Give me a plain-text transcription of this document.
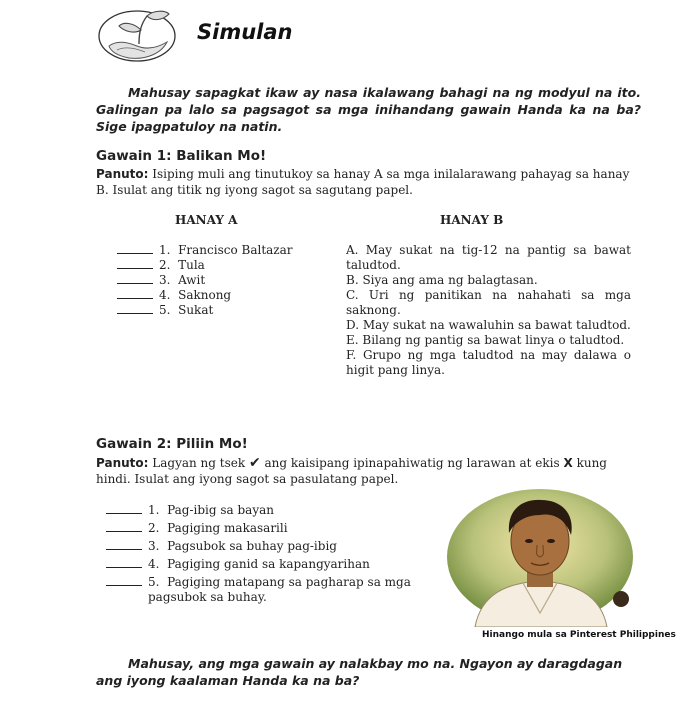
Simulan
Mahusay sapagkat ikaw ay nasa ikalawang bahagi na ng modyul na ito. Galingan pa lalo sa pagsagot sa mga inihandang gawain Handa ka na ba? Sige ipagpatuloy na natin.
Gawain 1: Balikan Mo!
Panuto: Isiping muli ang tinutukoy sa hanay A sa mga inilalarawang pahayag sa hanay B. Isulat ang titik ng iyong sagot sa sagutang papel.
HANAY A	HANAY B
1. Francisco Baltazar
2. Tula
3. Awit
4. Saknong
5. Sukat
A. May sukat na tig-12 na pantig sa bawat taludtod.
B. Siya ang ama ng balagtasan.
C. Uri ng panitikan na nahahati sa mga saknong.
D. May sukat na wawaluhin sa bawat taludtod.
E. Bilang ng pantig sa bawat linya o taludtod.
F. Grupo ng mga taludtod na may dalawa o higit pang linya.
Gawain 2: Piliin Mo!
Panuto: Lagyan ng tsek ✔ ang kaisipang ipinapahiwatig ng larawan at ekis X kung hindi. Isulat ang iyong sagot sa pasulatang papel.
1. Pag-ibig sa bayan
2. Pagiging makasarili
3. Pagsubok sa buhay pag-ibig
4. Pagiging ganid sa kapangyarihan
5. Pagiging matapang sa pagharap sa mga pagsubok sa buhay.
Hinango mula sa Pinterest Philippines
Mahusay, ang mga gawain ay nalakbay mo na. Ngayon ay daragdagan ang iyong kaalaman Handa ka na ba?
